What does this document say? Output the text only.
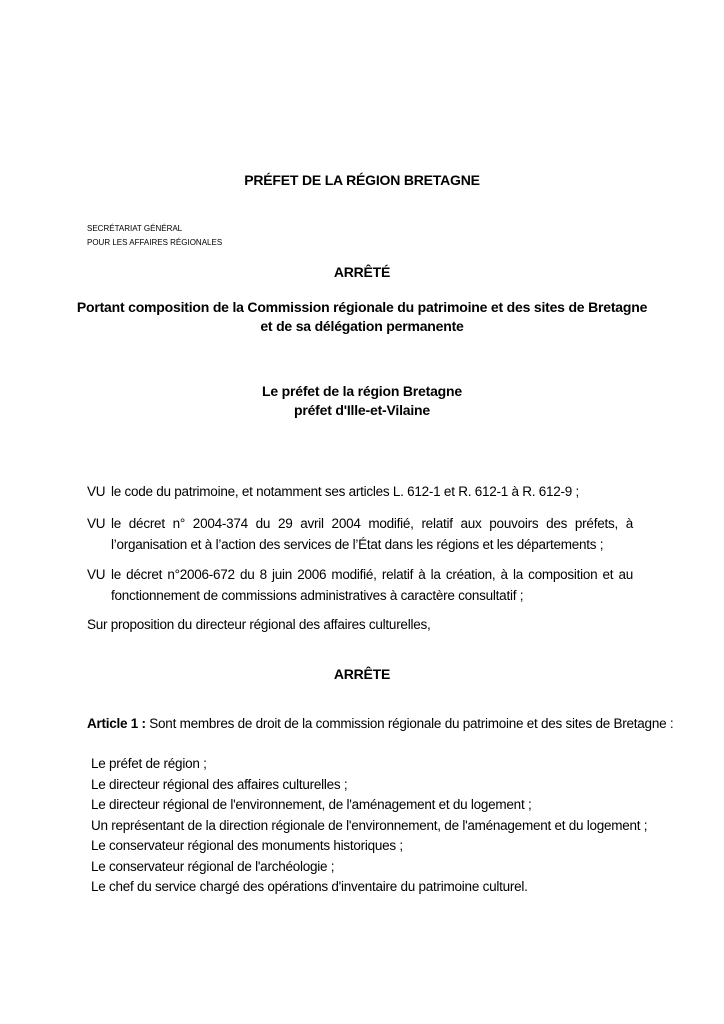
PRÉFET DE LA RÉGION BRETAGNE
SECRÉTARIAT GÉNÉRAL
POUR LES AFFAIRES RÉGIONALES
ARRÊTÉ
Portant composition de la Commission régionale du patrimoine et des sites de Bretagne
et de sa délégation permanente
Le préfet de la région Bretagne
préfet d'Ille-et-Vilaine
VU le code du patrimoine, et notamment ses articles L. 612-1 et R. 612-1 à R. 612-9 ;
VU le décret n° 2004-374 du 29 avril 2004 modifié, relatif aux pouvoirs des préfets, à l’organisation et à l’action des services de l’État dans les régions et les départements ;
VU le décret n°2006-672 du 8 juin 2006 modifié, relatif à la création, à la composition et au fonctionnement de commissions administratives à caractère consultatif ;
Sur proposition du directeur régional des affaires culturelles,
ARRÊTE
Article 1 : Sont membres de droit de la commission régionale du patrimoine et des sites de Bretagne :
Le préfet de région ;
Le directeur régional des affaires culturelles ;
Le directeur régional de l'environnement, de l'aménagement et du logement ;
Un représentant de la direction régionale de l'environnement, de l'aménagement et du logement ;
Le conservateur régional des monuments historiques ;
Le conservateur régional de l'archéologie ;
Le chef du service chargé des opérations d'inventaire du patrimoine culturel.
